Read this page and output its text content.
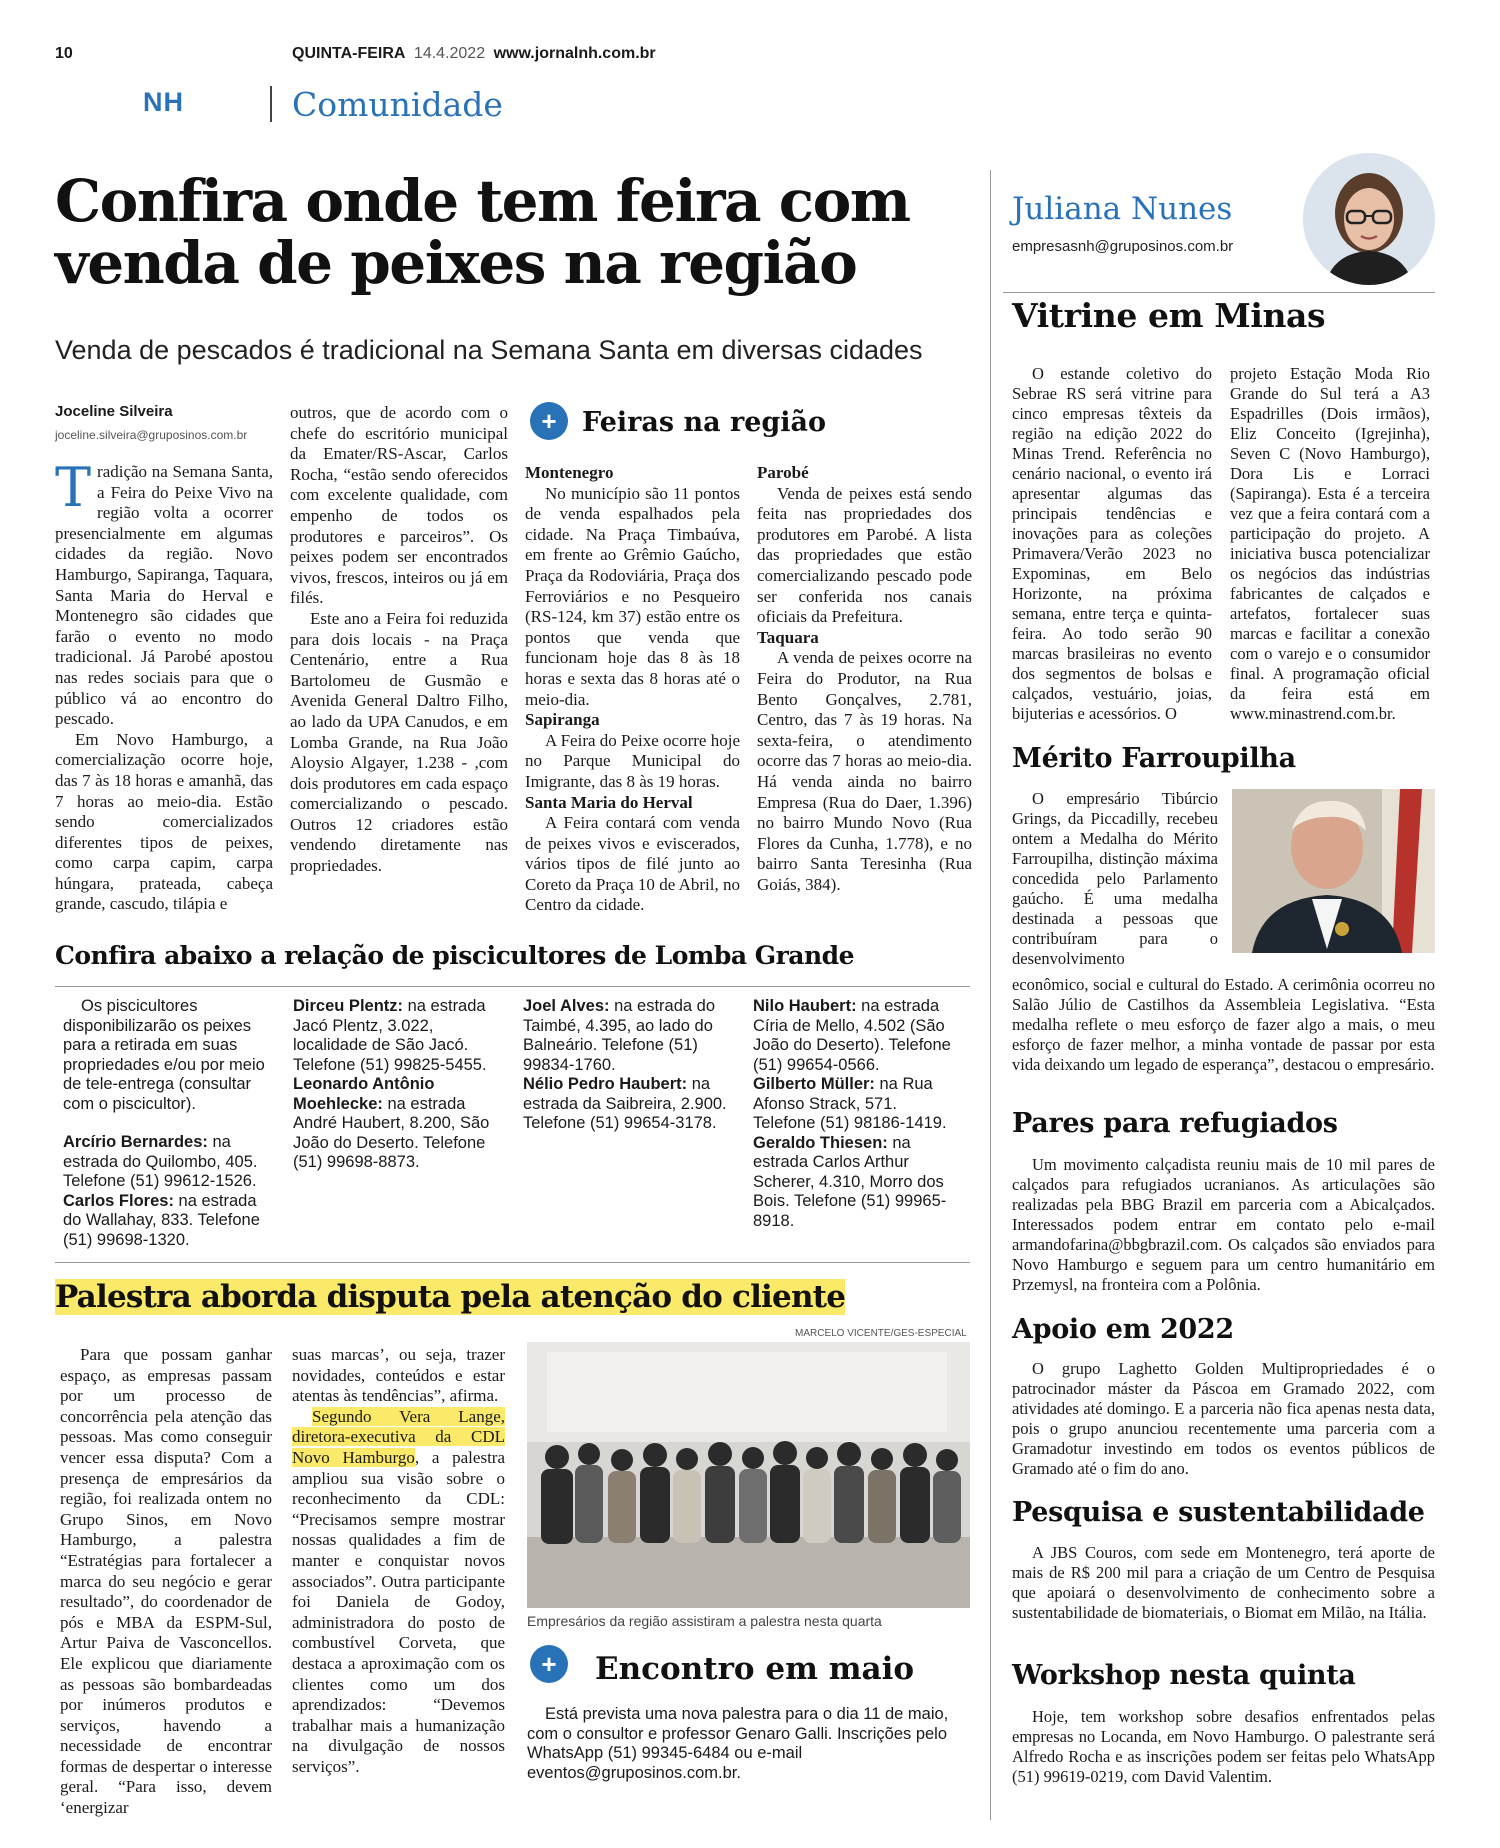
10	QUINTA-FEIRA 14.4.2022 www.jornalnh.com.br
NH	Comunidade
Confira onde tem feira com
venda de peixes na região
Venda de pescados é tradicional na Semana Santa em diversas cidades
Joceline Silveira
joceline.silveira@gruposinos.com.br

Tradição na Semana Santa, a Feira do Peixe Vivo na região volta a ocorrer presencialmente em algumas cidades da região. Novo Hamburgo, Sapiranga, Taquara, Santa Maria do Herval e Montenegro são cidades que farão o evento no modo tradicional. Já Parobé apostou nas redes sociais para que o público vá ao encontro do pescado.

Em Novo Hamburgo, a comercialização ocorre hoje, das 7 às 18 horas e amanhã, das 7 horas ao meio-dia. Estão sendo comercializados diferentes tipos de peixes, como carpa capim, carpa húngara, prateada, cabeça grande, cascudo, tilápia e

outros, que de acordo com o chefe do escritório municipal da Emater/RS-Ascar, Carlos Rocha, “estão sendo oferecidos com excelente qualidade, com empenho de todos os produtores e parceiros”. Os peixes podem ser encontrados vivos, frescos, inteiros ou já em filés.

Este ano a Feira foi reduzida para dois locais - na Praça Centenário, entre a Rua Bartolomeu de Gusmão e Avenida General Daltro Filho, ao lado da UPA Canudos, e em Lomba Grande, na Rua João Aloysio Algayer, 1.238 - ,com dois produtores em cada espaço comercializando o pescado. Outros 12 criadores estão vendendo diretamente nas propriedades.

+ Feiras na região
Montenegro

No município são 11 pontos de venda espalhados pela cidade. Na Praça Timbaúva, em frente ao Grêmio Gaúcho, Praça da Rodoviária, Praça dos Ferroviários e no Pesqueiro (RS-124, km 37) estão entre os pontos que venda que funcionam hoje das 8 às 18 horas e sexta das 8 horas até o meio-dia.

Sapiranga

A Feira do Peixe ocorre hoje no Parque Municipal do Imigrante, das 8 às 19 horas.

Santa Maria do Herval

A Feira contará com venda de peixes vivos e eviscerados, vários tipos de filé junto ao Coreto da Praça 10 de Abril, no Centro da cidade.

Parobé

Venda de peixes está sendo feita nas propriedades dos produtores em Parobé. A lista das propriedades que estão comercializando pescado pode ser conferida nos canais oficiais da Prefeitura.

Taquara

A venda de peixes ocorre na Feira do Produtor, na Rua Bento Gonçalves, 2.781, Centro, das 7 às 19 horas. Na sexta-feira, o atendimento ocorre das 7 horas ao meio-dia. Há venda ainda no bairro Empresa (Rua do Daer, 1.396) no bairro Mundo Novo (Rua Flores da Cunha, 1.778), e no bairro Santa Teresinha (Rua Goiás, 384).

Confira abaixo a relação de piscicultores de Lomba Grande
Os piscicultores disponibilizarão os peixes para a retirada em suas propriedades e/ou por meio de tele-entrega (consultar com o piscicultor).
Arcírio Bernardes: na estrada do Quilombo, 405. Telefone (51) 99612-1526.
Carlos Flores: na estrada do Wallahay, 833. Telefone (51) 99698-1320.
Dirceu Plentz: na estrada Jacó Plentz, 3.022, localidade de São Jacó. Telefone (51) 99825-5455.
Leonardo Antônio Moehlecke: na estrada André Haubert, 8.200, São João do Deserto. Telefone (51) 99698-8873.
Joel Alves: na estrada do Taimbé, 4.395, ao lado do Balneário. Telefone (51) 99834-1760.
Nélio Pedro Haubert: na estrada da Saibreira, 2.900. Telefone (51) 99654-3178.
Nilo Haubert: na estrada Círia de Mello, 4.502 (São João do Deserto). Telefone (51) 99654-0566.
Gilberto Müller: na Rua Afonso Strack, 571. Telefone (51) 98186-1419.
Geraldo Thiesen: na estrada Carlos Arthur Scherer, 4.310, Morro dos Bois. Telefone (51) 99965-8918.
Palestra aborda disputa pela atenção do cliente
MARCELO VICENTE/GES-ESPECIAL

Para que possam ganhar espaço, as empresas passam por um processo de concorrência pela atenção das pessoas. Mas como conseguir vencer essa disputa? Com a presença de empresários da região, foi realizada ontem no Grupo Sinos, em Novo Hamburgo, a palestra “Estratégias para fortalecer a marca do seu negócio e gerar resultado”, do coordenador de pós e MBA da ESPM-Sul, Artur Paiva de Vasconcellos. Ele explicou que diariamente as pessoas são bombardeadas por inúmeros produtos e serviços, havendo a necessidade de encontrar formas de despertar o interesse geral. “Para isso, devem ‘energizar

suas marcas’, ou seja, trazer novidades, conteúdos e estar atentas às tendências”, afirma.

Segundo Vera Lange, diretora-executiva da CDL Novo Hamburgo, a palestra ampliou sua visão sobre o reconhecimento da CDL: “Precisamos sempre mostrar nossas qualidades a fim de manter e conquistar novos associados”. Outra participante foi Daniela de Godoy, administradora do posto de combustível Corveta, que destaca a aproximação com os clientes como um dos aprendizados: “Devemos trabalhar mais a humanização na divulgação de nossos serviços”.

Empresários da região assistiram a palestra nesta quarta
+	Encontro em maio
Está prevista uma nova palestra para o dia 11 de maio, com o consultor e professor Genaro Galli. Inscrições pelo WhatsApp (51) 99345-6484 ou e-mail eventos@gruposinos.com.br.
Juliana Nunes
empresasnh@gruposinos.com.br
Vitrine em Minas

O estande coletivo do Sebrae RS será vitrine para cinco empresas têxteis da região na edição 2022 do Minas Trend. Referência no cenário nacional, o evento irá apresentar algumas das principais tendências e inovações para as coleções Primavera/Verão 2023 no Expominas, em Belo Horizonte, na próxima semana, entre terça e quinta-feira. Ao todo serão 90 marcas brasileiras no evento dos segmentos de bolsas e calçados, vestuário, joias, bijuterias e acessórios. O

projeto Estação Moda Rio Grande do Sul terá a A3 Espadrilles (Dois irmãos), Eliz Conceito (Igrejinha), Seven C (Novo Hamburgo), Dora Lis e Lorraci (Sapiranga). Esta é a terceira vez que a feira contará com a participação do projeto. A iniciativa busca potencializar os negócios das indústrias fabricantes de calçados e artefatos, fortalecer suas marcas e facilitar a conexão com o varejo e o consumidor final. A programação oficial da feira está em www.minastrend.com.br.

Mérito Farroupilha

O empresário Tibúrcio Grings, da Piccadilly, recebeu ontem a Medalha do Mérito Farroupilha, distinção máxima concedida pelo Parlamento gaúcho. É uma medalha destinada a pessoas que contribuíram para o desenvolvimento

econômico, social e cultural do Estado. A cerimônia ocorreu no Salão Júlio de Castilhos da Assembleia Legislativa. “Esta medalha reflete o meu esforço de fazer algo a mais, o meu esforço de fazer melhor, a minha vontade de passar por esta vida deixando um legado de esperança”, destacou o empresário.

Pares para refugiados

Um movimento calçadista reuniu mais de 10 mil pares de calçados para refugiados ucranianos. As articulações são realizadas pela BBG Brazil em parceria com a Abicalçados. Interessados podem entrar em contato pelo e-mail armandofarina@bbgbrazil.com. Os calçados são enviados para Novo Hamburgo e seguem para um centro humanitário em Przemysl, na fronteira com a Polônia.

Apoio em 2022

O grupo Laghetto Golden Multipropriedades é o patrocinador máster da Páscoa em Gramado 2022, com atividades até domingo. E a parceria não fica apenas nesta data, pois o grupo anunciou recentemente uma parceria com a Gramadotur investindo em todos os eventos públicos de Gramado até o fim do ano.

Pesquisa e sustentabilidade

A JBS Couros, com sede em Montenegro, terá aporte de mais de R$ 200 mil para a criação de um Centro de Pesquisa que apoiará o desenvolvimento de conhecimento sobre a sustentabilidade de biomateriais, o Biomat em Milão, na Itália.

Workshop nesta quinta

Hoje, tem workshop sobre desafios enfrentados pelas empresas no Locanda, em Novo Hamburgo. O palestrante será Alfredo Rocha e as inscrições podem ser feitas pelo WhatsApp (51) 99619-0219, com David Valentim.
